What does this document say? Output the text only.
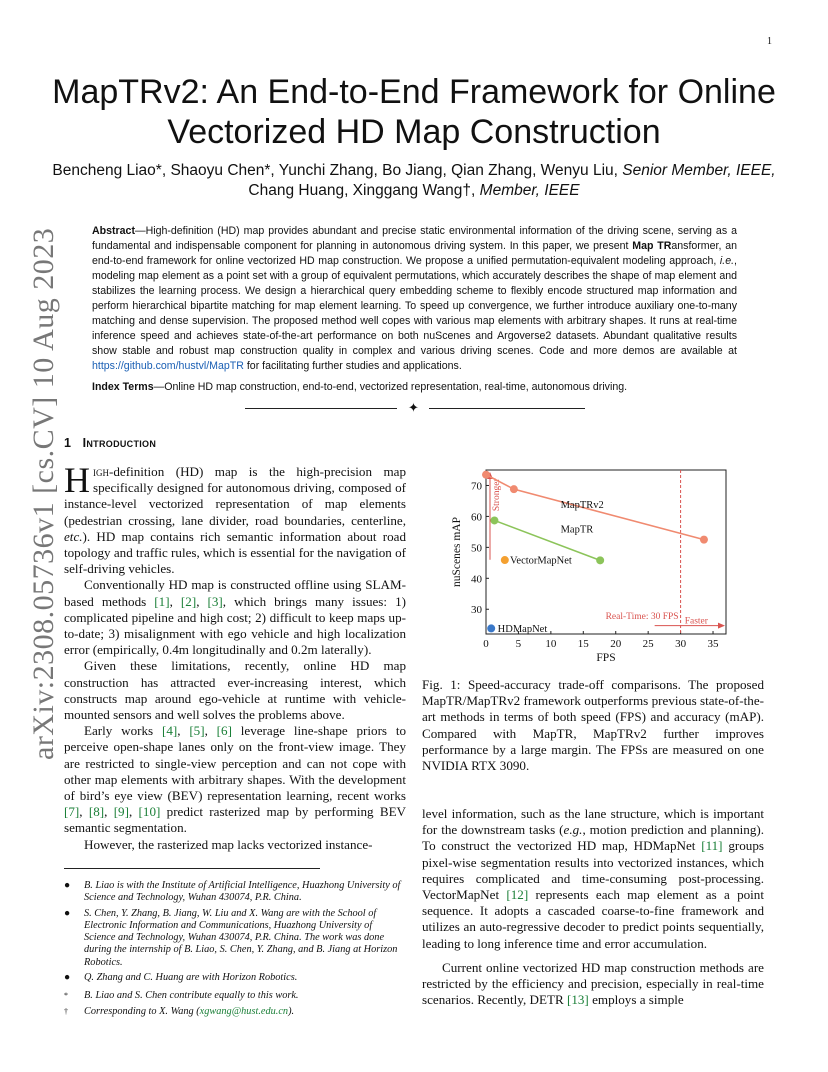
1
arXiv:2308.05736v1 [cs.CV] 10 Aug 2023
MapTRv2: An End-to-End Framework for Online Vectorized HD Map Construction
Bencheng Liao*, Shaoyu Chen*, Yunchi Zhang, Bo Jiang, Qian Zhang, Wenyu Liu, Senior Member, IEEE,
Chang Huang, Xinggang Wang†, Member, IEEE
Abstract—High-definition (HD) map provides abundant and precise static environmental information of the driving scene, serving as a fundamental and indispensable component for planning in autonomous driving system. In this paper, we present Map TRansformer, an end-to-end framework for online vectorized HD map construction. We propose a unified permutation-equivalent modeling approach, i.e., modeling map element as a point set with a group of equivalent permutations, which accurately describes the shape of map element and stabilizes the learning process. We design a hierarchical query embedding scheme to flexibly encode structured map information and perform hierarchical bipartite matching for map element learning. To speed up convergence, we further introduce auxiliary one-to-many matching and dense supervision. The proposed method well copes with various map elements with arbitrary shapes. It runs at real-time inference speed and achieves state-of-the-art performance on both nuScenes and Argoverse2 datasets. Abundant qualitative results show stable and robust map construction quality in complex and various driving scenes. Code and more demos are available at https://github.com/hustvl/MapTR for facilitating further studies and applications.
Index Terms—Online HD map construction, end-to-end, vectorized representation, real-time, autonomous driving.
✦
1 Introduction

High-definition (HD) map is the high-precision map specifically designed for autonomous driving, composed of instance-level vectorized representation of map elements (pedestrian crossing, lane divider, road boundaries, centerline, etc.). HD map contains rich semantic information about road topology and traffic rules, which is essential for the navigation of self-driving vehicles.

Conventionally HD map is constructed offline using SLAM-based methods [1], [2], [3], which brings many issues: 1) complicated pipeline and high cost; 2) difficult to keep maps up-to-date; 3) misalignment with ego vehicle and high localization error (empirically, 0.4m longitudinally and 0.2m laterally).

Given these limitations, recently, online HD map construction has attracted ever-increasing interest, which constructs map around ego-vehicle at runtime with vehicle-mounted sensors and well solves the problems above.

Early works [4], [5], [6] leverage line-shape priors to perceive open-shape lanes only on the front-view image. They are restricted to single-view perception and can not cope with other map elements with arbitrary shapes. With the development of bird’s eye view (BEV) representation learning, recent works [7], [8], [9], [10] predict rasterized map by performing BEV semantic segmentation.

However, the rasterized map lacks vectorized instance-

● B. Liao is with the Institute of Artificial Intelligence, Huazhong University of Science and Technology, Wuhan 430074, P.R. China.
● S. Chen, Y. Zhang, B. Jiang, W. Liu and X. Wang are with the School of Electronic Information and Communications, Huazhong University of Science and Technology, Wuhan 430074, P.R. China. The work was done during the internship of B. Liao, S. Chen, Y. Zhang, and B. Jiang at Horizon Robotics.
● Q. Zhang and C. Huang are with Horizon Robotics.
* B. Liao and S. Chen contribute equally to this work.
† Corresponding to X. Wang (xgwang@hust.edu.cn).
0 5 10 15 20 25 30 35
30
40
50
60
70
FPS
nuScenes mAP
Stronger
Real-Time: 30 FPS Faster
MapTRv2
MapTR
VectorMapNet
HDMapNet
Fig. 1: Speed-accuracy trade-off comparisons. The proposed MapTR/MapTRv2 framework outperforms previous state-of-the-art methods in terms of both speed (FPS) and accuracy (mAP). Compared with MapTR, MapTRv2 further improves performance by a large margin. The FPSs are measured on one NVIDIA RTX 3090.

level information, such as the lane structure, which is important for the downstream tasks (e.g., motion prediction and planning). To construct the vectorized HD map, HDMapNet [11] groups pixel-wise segmentation results into vectorized instances, which requires complicated and time-consuming post-processing. VectorMapNet [12] represents each map element as a point sequence. It adopts a cascaded coarse-to-fine framework and utilizes an auto-regressive decoder to predict points sequentially, leading to long inference time and error accumulation.

Current online vectorized HD map construction methods are restricted by the efficiency and precision, especially in real-time scenarios. Recently, DETR [13] employs a simple
